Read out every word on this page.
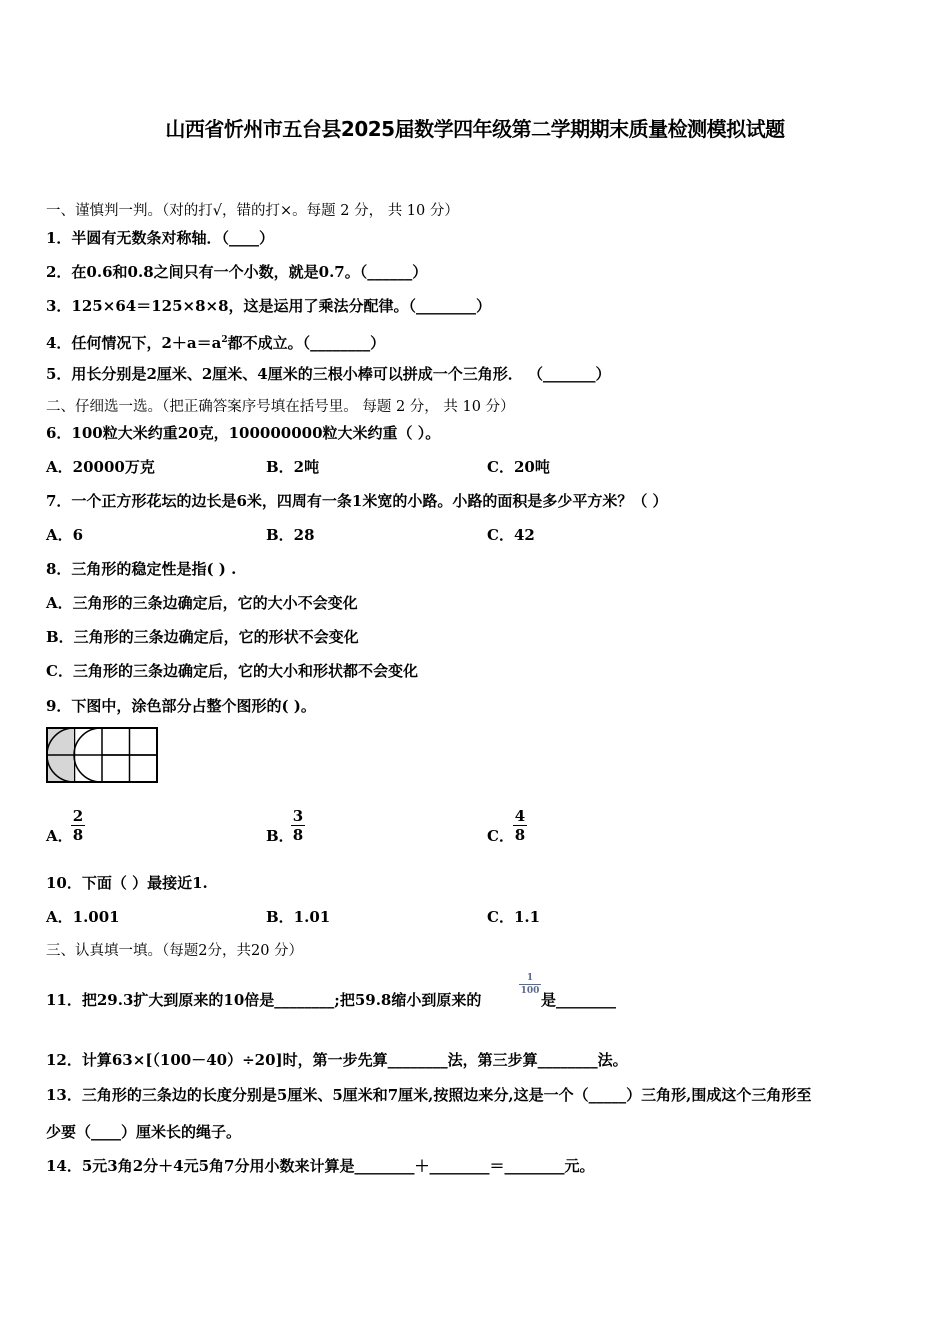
山西省忻州市五台县2025届数学四年级第二学期期末质量检测模拟试题
一、谨慎判一判。（对的打√，错的打×。每题 2 分， 共 10 分）
1．半圆有无数条对称轴．（____）
2．在0.6和0.8之间只有一个小数，就是0.7。（______）
3．125×64＝125×8×8，这是运用了乘法分配律。（________）
4．任何情况下，$2+a=a^2$都不成立。（________）
5．用长分别是2厘米、2厘米、4厘米的三根小棒可以拼成一个三角形． （_______）
二、仔细选一选。（把正确答案序号填在括号里。 每题 2 分， 共 10 分）
6．100粒大米约重20克，100000000粒大米约重（ ）。
A．20000万克	B．2吨	C．20吨
7．一个正方形花坛的边长是6米，四周有一条1米宽的小路。小路的面积是多少平方米？（ ）
A．6	B．28	C．42
8．三角形的稳定性是指( ) .
A．三角形的三条边确定后，它的大小不会变化
B．三角形的三条边确定后，它的形状不会变化
C．三角形的三条边确定后，它的大小和形状都不会变化
9．下图中，涂色部分占整个图形的( )。
A．
2
8	B．
3
8	C．
4
8
10．下面（ ）最接近1.
A．1.001	B．1.01	C．1.1
三、认真填一填。（每题2分，共20 分）
11．把29.3扩大到原来的10倍是________;把59.8缩小到原来的
1
100 是________
12．计算63×[（100－40）÷20]时，第一步先算________法，第三步算________法。
13．三角形的三条边的长度分别是5厘米、5厘米和7厘米,按照边来分,这是一个（_____）三角形,围成这个三角形至
少要（____）厘米长的绳子。
14．5元3角2分＋4元5角7分用小数来计算是________＋________＝________元。
